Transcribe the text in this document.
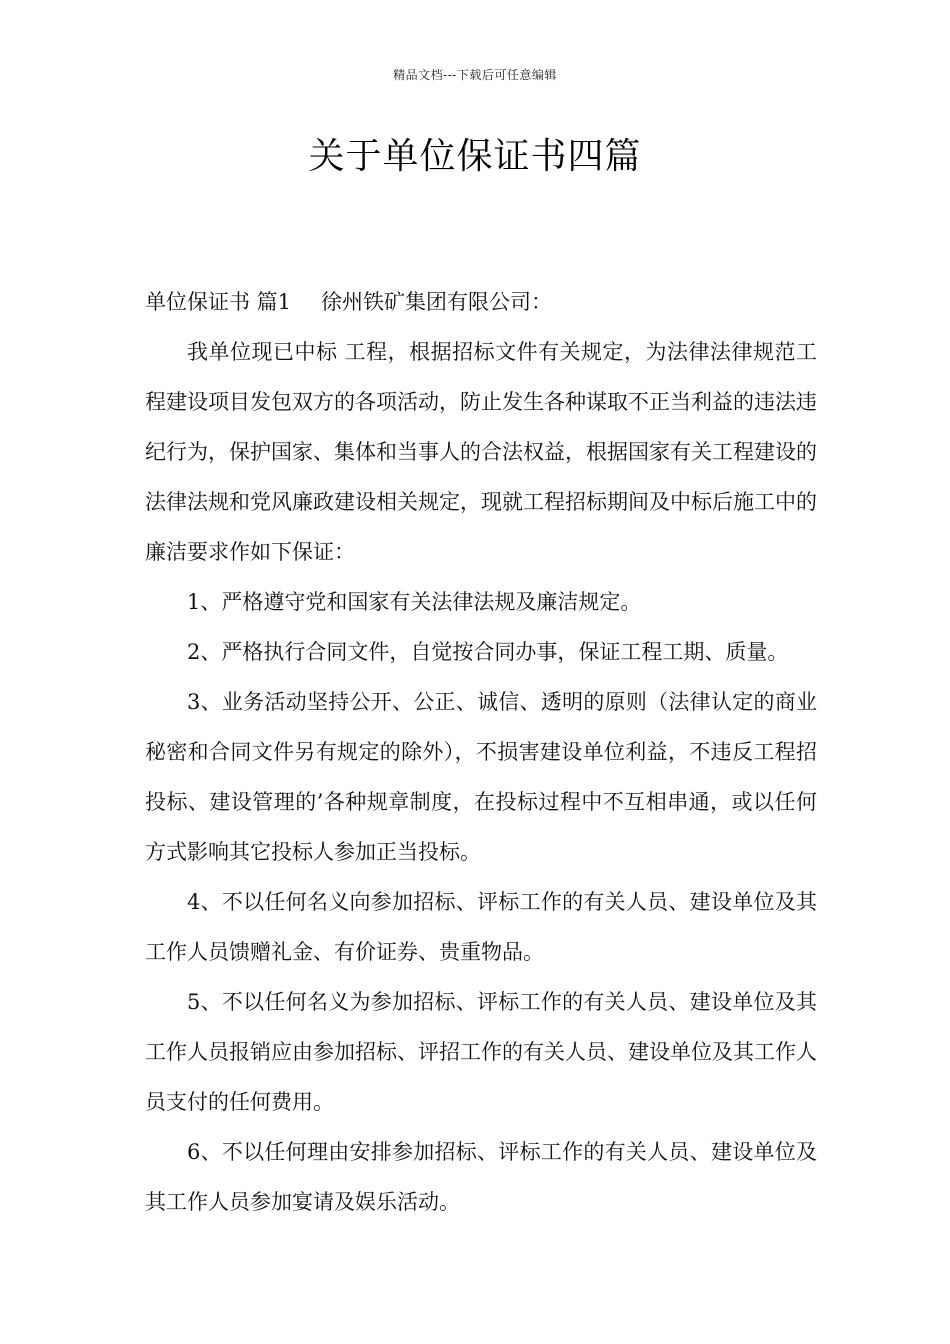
精品文档---下载后可任意编辑
关于单位保证书四篇

单位保证书 篇1 徐州铁矿集团有限公司：

我单位现已中标 工程，根据招标文件有关规定，为法律法律规范工程建设项目发包双方的各项活动，防止发生各种谋取不正当利益的违法违纪行为，保护国家、集体和当事人的合法权益，根据国家有关工程建设的法律法规和党风廉政建设相关规定，现就工程招标期间及中标后施工中的廉洁要求作如下保证：

1、严格遵守党和国家有关法律法规及廉洁规定。

2、严格执行合同文件，自觉按合同办事，保证工程工期、质量。

3、业务活动坚持公开、公正、诚信、透明的原则（法律认定的商业秘密和合同文件另有规定的除外），不损害建设单位利益，不违反工程招投标、建设管理的’各种规章制度，在投标过程中不互相串通，或以任何方式影响其它投标人参加正当投标。

4、不以任何名义向参加招标、评标工作的有关人员、建设单位及其工作人员馈赠礼金、有价证券、贵重物品。

5、不以任何名义为参加招标、评标工作的有关人员、建设单位及其工作人员报销应由参加招标、评招工作的有关人员、建设单位及其工作人员支付的任何费用。

6、不以任何理由安排参加招标、评标工作的有关人员、建设单位及其工作人员参加宴请及娱乐活动。
